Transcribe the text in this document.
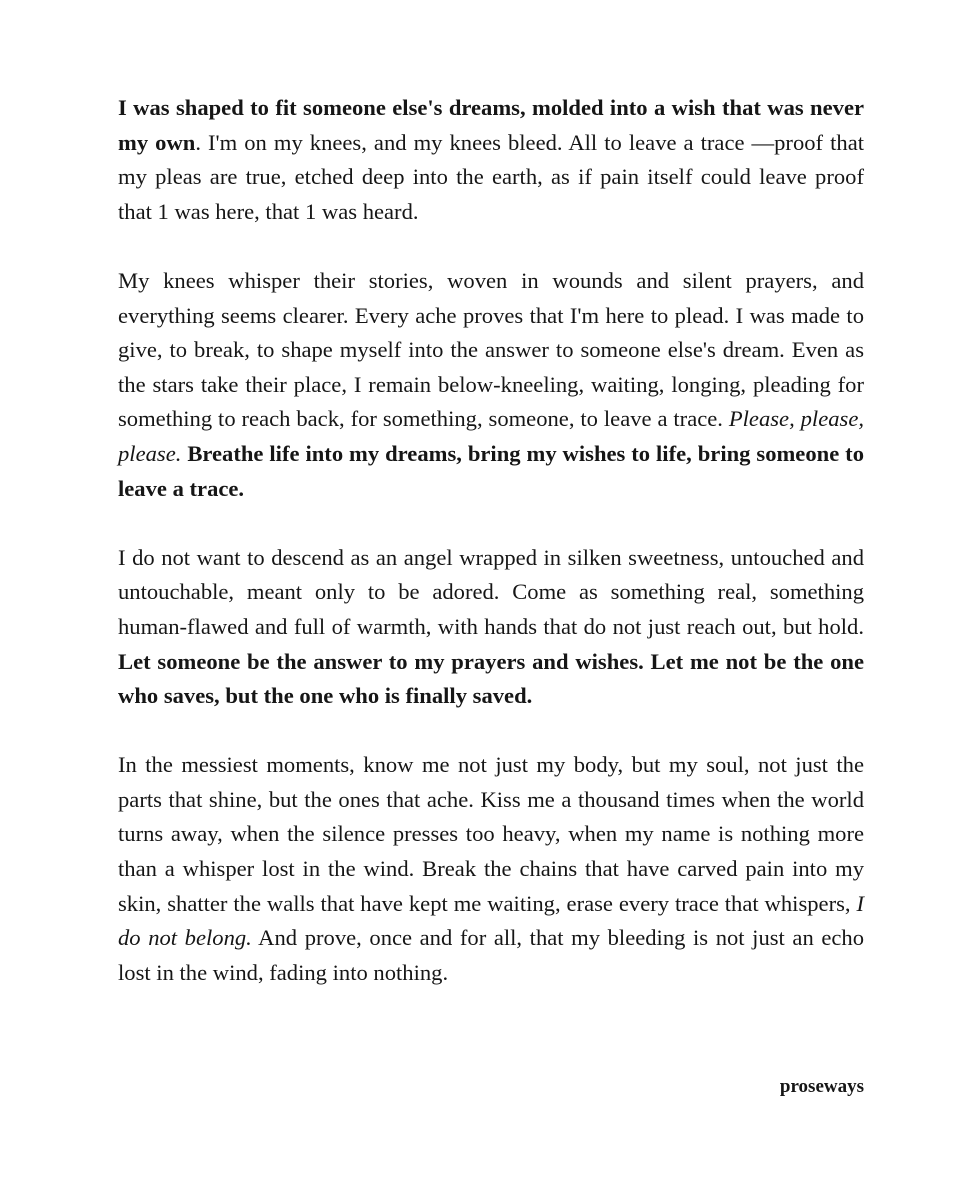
I was shaped to fit someone else's dreams, molded into a wish that was never my own. I'm on my knees, and my knees bleed. All to leave a trace —proof that my pleas are true, etched deep into the earth, as if pain itself could leave proof that 1 was here, that 1 was heard.

My knees whisper their stories, woven in wounds and silent prayers, and everything seems clearer. Every ache proves that I'm here to plead. I was made to give, to break, to shape myself into the answer to someone else's dream. Even as the stars take their place, I remain below-kneeling, waiting, longing, pleading for something to reach back, for something, someone, to leave a trace. Please, please, please. Breathe life into my dreams, bring my wishes to life, bring someone to leave a trace.

I do not want to descend as an angel wrapped in silken sweetness, untouched and untouchable, meant only to be adored. Come as something real, something human-flawed and full of warmth, with hands that do not just reach out, but hold. Let someone be the answer to my prayers and wishes. Let me not be the one who saves, but the one who is finally saved.

In the messiest moments, know me not just my body, but my soul, not just the parts that shine, but the ones that ache. Kiss me a thousand times when the world turns away, when the silence presses too heavy, when my name is nothing more than a whisper lost in the wind. Break the chains that have carved pain into my skin, shatter the walls that have kept me waiting, erase every trace that whispers, I do not belong. And prove, once and for all, that my bleeding is not just an echo lost in the wind, fading into nothing.

proseways
